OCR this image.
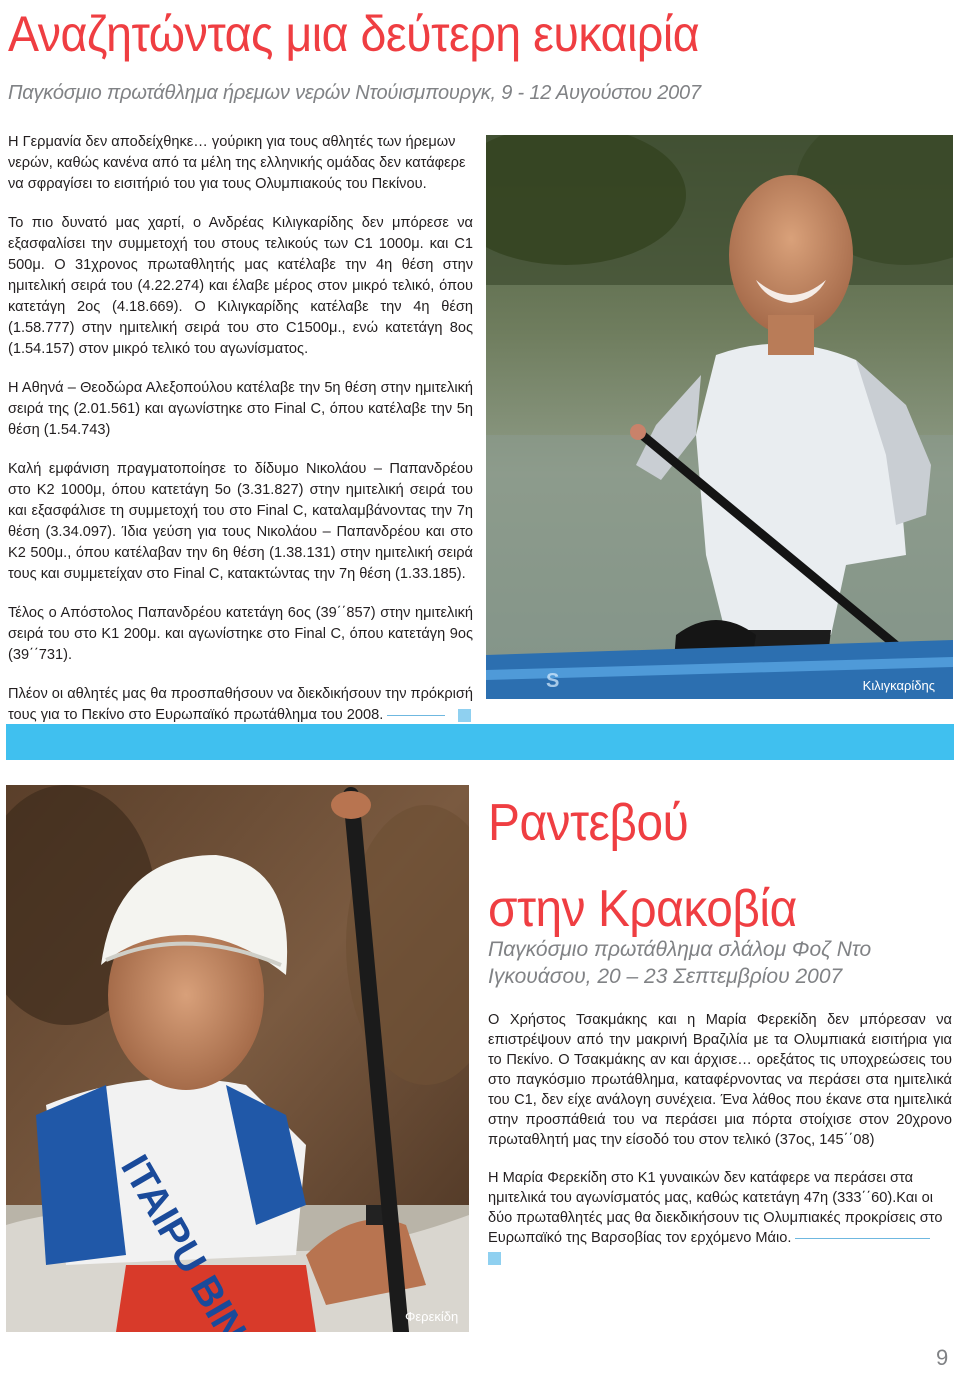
Αναζητώντας μια δεύτερη ευκαιρία
Παγκόσμιο πρωτάθλημα ήρεμων νερών Ντούισμπουργκ, 9 - 12 Αυγούστου 2007

Η Γερμανία δεν αποδείχθηκε… γούρικη για τους αθλητές των ήρεμων νερών, καθώς κανένα από τα μέλη της ελληνικής ομάδας δεν κατάφερε να σφραγίσει το εισιτήριό του για τους Ολυμπιακούς του Πεκίνου.

Το πιο δυνατό μας χαρτί, ο Ανδρέας Κιλιγκαρίδης δεν μπόρεσε να εξασφαλίσει την συμμετοχή του στους τελικούς των C1 1000μ. και C1 500μ. Ο 31χρονος πρωταθλητής μας κατέλαβε την 4η θέση στην ημιτελική σειρά του (4.22.274) και έλαβε μέρος στον μικρό τελικό, όπου κατετάγη 2ος (4.18.669). Ο Κιλιγκαρίδης κατέλαβε την 4η θέση (1.58.777) στην ημιτελική σειρά του στο C1500μ., ενώ κατετάγη 8ος (1.54.157) στον μικρό τελικό του αγωνίσματος.

Η Αθηνά – Θεοδώρα Αλεξοπούλου κατέλαβε την 5η θέση στην ημιτελική σειρά της (2.01.561) και αγωνίστηκε στο Final C, όπου κατέλαβε την 5η θέση (1.54.743)

Καλή εμφάνιση πραγματοποίησε το δίδυμο Νικολάου – Παπανδρέου στο Κ2 1000μ, όπου κατετάγη 5ο (3.31.827) στην ημιτελική σειρά του και εξασφάλισε τη συμμετοχή του στο Final C, καταλαμβάνοντας την 7η θέση (3.34.097). Ίδια γεύση για τους Νικολάου – Παπανδρέου και στο Κ2 500μ., όπου κατέλαβαν την 6η θέση (1.38.131) στην ημιτελική σειρά τους και συμμετείχαν στο Final C, κατακτώντας την 7η θέση (1.33.185).

Τέλος ο Απόστολος Παπανδρέου κατετάγη 6ος (39΄΄857) στην ημιτελική σειρά του στο Κ1 200μ. και αγωνίστηκε στο Final C, όπου κατετάγη 9ος (39΄΄731).

Πλέον οι αθλητές μας θα προσπαθήσουν να διεκδικήσουν την πρόκρισή τους για το Πεκίνο στο Ευρωπαϊκό πρωτάθλημα του 2008.

S	Κιλιγκαρίδης
ITAIPU
Φερεκίδη
Ραντεβού
στην Κρακοβία
Παγκόσμιο πρωτάθλημα σλάλομ Φοζ Ντο Ιγκουάσου, 20 – 23 Σεπτεμβρίου 2007

Ο Χρήστος Τσακμάκης και η Μαρία Φερεκίδη δεν μπόρεσαν να επιστρέψουν από την μακρινή Βραζιλία με τα Ολυμπιακά εισιτήρια για το Πεκίνο. Ο Τσακμάκης αν και άρχισε… ορεξάτος τις υποχρεώσεις του στο παγκόσμιο πρωτάθλημα, καταφέρνοντας να περάσει στα ημιτελικά του C1, δεν είχε ανάλογη συνέχεια. Ένα λάθος που έκανε στα ημιτελικά στην προσπάθειά του να περάσει μια πόρτα στοίχισε στον 20χρονο πρωταθλητή μας την είσοδό του στον τελικό (37ος, 145΄΄08)

Η Μαρία Φερεκίδη στο Κ1 γυναικών δεν κατάφερε να περάσει στα ημιτελικά του αγωνίσματός μας, καθώς κατετάγη 47η (333΄΄60).Και οι δύο πρωταθλητές μας θα διεκδικήσουν τις Ολυμπιακές προκρίσεις στο Ευρωπαϊκό της Βαρσοβίας τον ερχόμενο Μάιο.

9
